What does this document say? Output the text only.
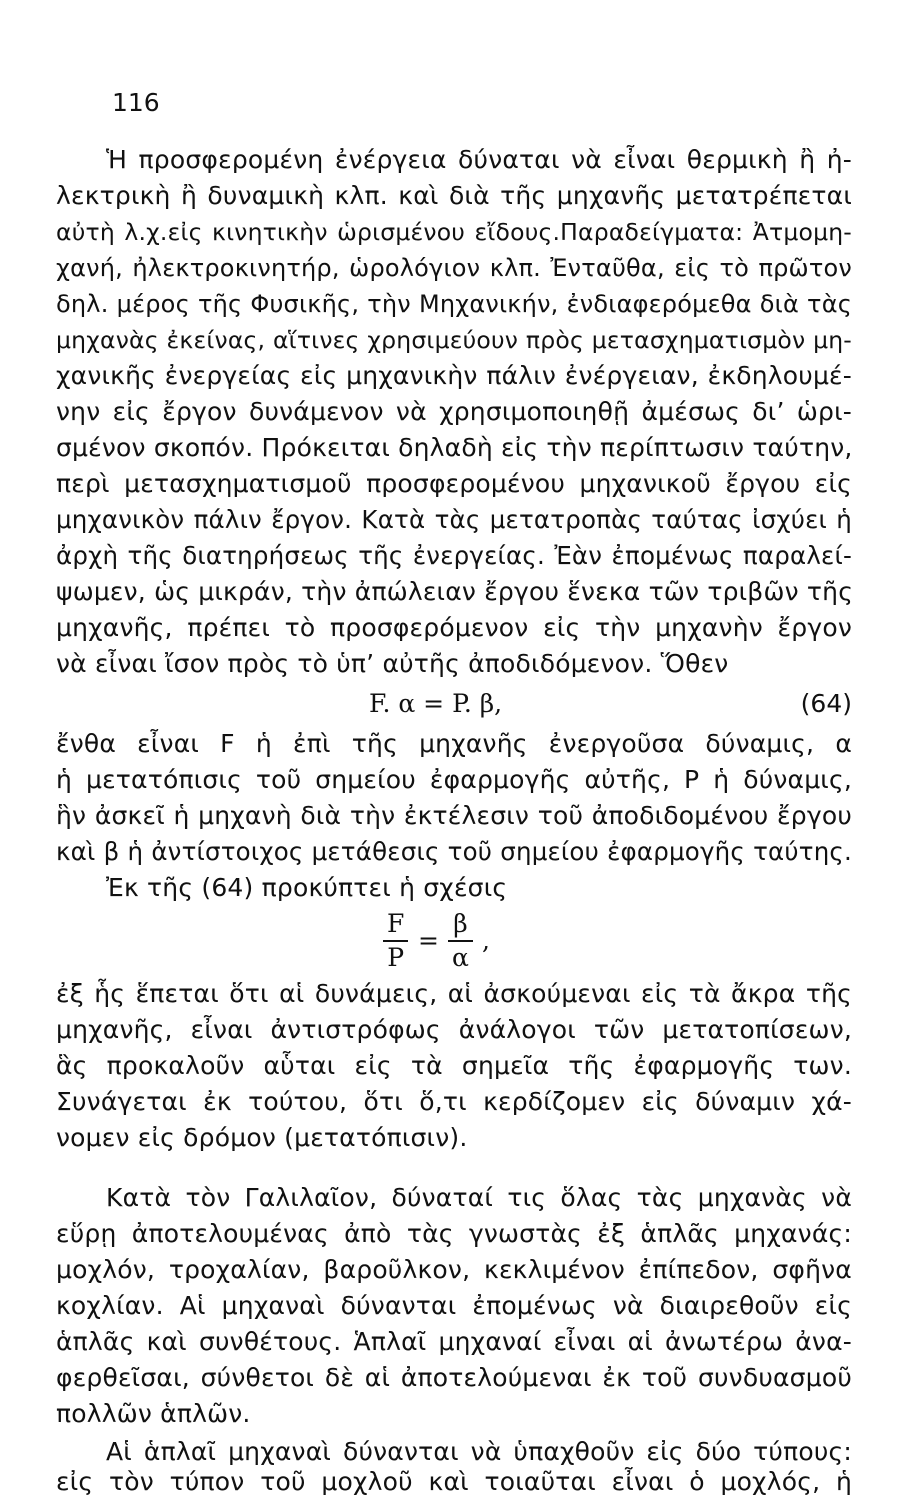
116
Ἡ προσφερομένη ἐνέργεια δύναται νὰ εἶναι θερμικὴ ἢ ἠ-
λεκτρικὴ ἢ δυναμικὴ κλπ. καὶ διὰ τῆς μηχανῆς μετατρέπεται
αὐτὴ λ.χ.εἰς κινητικὴν ὡρισμένου εἴδους.Παραδείγματα: Ἀτμομη-
χανή, ἠλεκτροκινητήρ, ὡρολόγιον κλπ. Ἐνταῦθα, εἰς τὸ πρῶτον
δηλ. μέρος τῆς Φυσικῆς, τὴν Μηχανικήν, ἐνδιαφερόμεθα διὰ τὰς
μηχανὰς ἐκείνας, αἵτινες χρησιμεύουν πρὸς μετασχηματισμὸν μη-
χανικῆς ἐνεργείας εἰς μηχανικὴν πάλιν ἐνέργειαν, ἐκδηλουμέ-
νην εἰς ἔργον δυνάμενον νὰ χρησιμοποιηθῇ ἀμέσως δι’ ὡρι-
σμένον σκοπόν. Πρόκειται δηλαδὴ εἰς τὴν περίπτωσιν ταύτην,
περὶ μετασχηματισμοῦ προσφερομένου μηχανικοῦ ἔργου εἰς
μηχανικὸν πάλιν ἔργον. Κατὰ τὰς μετατροπὰς ταύτας ἰσχύει ἡ
ἀρχὴ τῆς διατηρήσεως τῆς ἐνεργείας. Ἐὰν ἐπομένως παραλεί-
ψωμεν, ὡς μικράν, τὴν ἀπώλειαν ἔργου ἕνεκα τῶν τριβῶν τῆς
μηχανῆς, πρέπει τὸ προσφερόμενον εἰς τὴν μηχανὴν ἔργον
νὰ εἶναι ἴσον πρὸς τὸ ὑπ’ αὐτῆς ἀποδιδόμενον. Ὅθεν
F. α = P. β,	(64)
ἔνθα εἶναι F ἡ ἐπὶ τῆς μηχανῆς ἐνεργοῦσα δύναμις, α
ἡ μετατόπισις τοῦ σημείου ἐφαρμογῆς αὐτῆς, P ἡ δύναμις,
ἣν ἀσκεῖ ἡ μηχανὴ διὰ τὴν ἐκτέλεσιν τοῦ ἀποδιδομένου ἔργου
καὶ β ἡ ἀντίστοιχος μετάθεσις τοῦ σημείου ἐφαρμογῆς ταύτης.
Ἐκ τῆς (64) προκύπτει ἡ σχέσις
F
P
=
β
α
,
ἐξ ἧς ἕπεται ὅτι αἱ δυνάμεις, αἱ ἀσκούμεναι εἰς τὰ ἄκρα τῆς
μηχανῆς, εἶναι ἀντιστρόφως ἀνάλογοι τῶν μετατοπίσεων,
ἃς προκαλοῦν αὗται εἰς τὰ σημεῖα τῆς ἐφαρμογῆς των.
Συνάγεται ἐκ τούτου, ὅτι ὅ,τι κερδίζομεν εἰς δύναμιν χά-
νομεν εἰς δρόμον (μετατόπισιν).
Κατὰ τὸν Γαλιλαῖον, δύναταί τις ὅλας τὰς μηχανὰς νὰ
εὕρῃ ἀποτελουμένας ἀπὸ τὰς γνωστὰς ἐξ ἁπλᾶς μηχανάς:
μοχλόν, τροχαλίαν, βαροῦλκον, κεκλιμένον ἐπίπεδον, σφῆνα
κοχλίαν. Αἱ μηχαναὶ δύνανται ἐπομένως νὰ διαιρεθοῦν εἰς
ἁπλᾶς καὶ συνθέτους. Ἁπλαῖ μηχαναί εἶναι αἱ ἀνωτέρω ἀνα-
φερθεῖσαι, σύνθετοι δὲ αἱ ἀποτελούμεναι ἐκ τοῦ συνδυασμοῦ
πολλῶν ἁπλῶν.
Αἱ ἁπλαῖ μηχαναὶ δύνανται νὰ ὑπαχθοῦν εἰς δύο τύπους:
εἰς τὸν τύπον τοῦ μοχλοῦ καὶ τοιαῦται εἶναι ὁ μοχλός, ἡ
